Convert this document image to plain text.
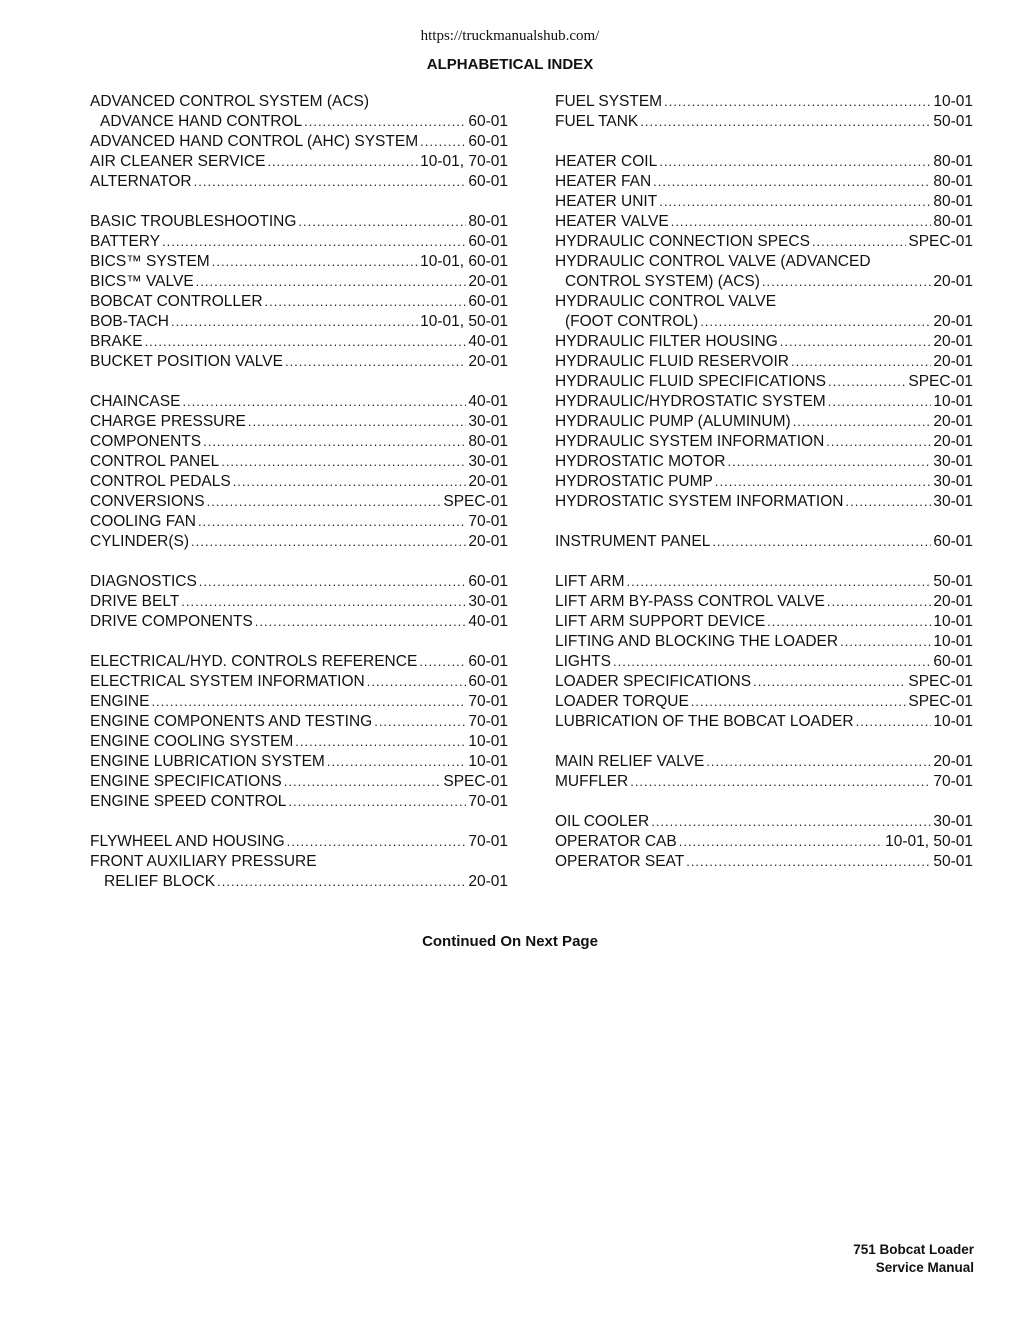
https://truckmanualshub.com/
ALPHABETICAL INDEX
ADVANCED CONTROL SYSTEM (ACS)
ADVANCE HAND CONTROL .....	60-01
ADVANCED HAND CONTROL (AHC) SYSTEM .....	60-01
AIR CLEANER SERVICE .....	10-01, 70-01
ALTERNATOR .....	60-01
BASIC TROUBLESHOOTING .....	80-01
BATTERY .....	60-01
BICS™ SYSTEM .....	10-01, 60-01
BICS™ VALVE .....	20-01
BOBCAT CONTROLLER .....	60-01
BOB-TACH .....	10-01, 50-01
BRAKE .....	40-01
BUCKET POSITION VALVE .....	20-01
CHAINCASE .....	40-01
CHARGE PRESSURE .....	30-01
COMPONENTS .....	80-01
CONTROL PANEL .....	30-01
CONTROL PEDALS .....	20-01
CONVERSIONS .....	SPEC-01
COOLING FAN .....	70-01
CYLINDER(S) .....	20-01
DIAGNOSTICS .....	60-01
DRIVE BELT .....	30-01
DRIVE COMPONENTS .....	40-01
ELECTRICAL/HYD. CONTROLS REFERENCE .....	60-01
ELECTRICAL SYSTEM INFORMATION .....	60-01
ENGINE .....	70-01
ENGINE COMPONENTS AND TESTING .....	70-01
ENGINE COOLING SYSTEM .....	10-01
ENGINE LUBRICATION SYSTEM .....	10-01
ENGINE SPECIFICATIONS .....	SPEC-01
ENGINE SPEED CONTROL .....	70-01
FLYWHEEL AND HOUSING .....	70-01
FRONT AUXILIARY PRESSURE
RELIEF BLOCK .....	20-01
FUEL SYSTEM .....	10-01
FUEL TANK .....	50-01
HEATER COIL .....	80-01
HEATER FAN .....	80-01
HEATER UNIT .....	80-01
HEATER VALVE .....	80-01
HYDRAULIC CONNECTION SPECS .....	SPEC-01
HYDRAULIC CONTROL VALVE (ADVANCED
CONTROL SYSTEM) (ACS) .....	20-01
HYDRAULIC CONTROL VALVE
(FOOT CONTROL) .....	20-01
HYDRAULIC FILTER HOUSING .....	20-01
HYDRAULIC FLUID RESERVOIR .....	20-01
HYDRAULIC FLUID SPECIFICATIONS .....	SPEC-01
HYDRAULIC/HYDROSTATIC SYSTEM .....	10-01
HYDRAULIC PUMP (ALUMINUM) .....	20-01
HYDRAULIC SYSTEM INFORMATION .....	20-01
HYDROSTATIC MOTOR .....	30-01
HYDROSTATIC PUMP .....	30-01
HYDROSTATIC SYSTEM INFORMATION .....	30-01
INSTRUMENT PANEL .....	60-01
LIFT ARM .....	50-01
LIFT ARM BY-PASS CONTROL VALVE .....	20-01
LIFT ARM SUPPORT DEVICE .....	10-01
LIFTING AND BLOCKING THE LOADER .....	10-01
LIGHTS .....	60-01
LOADER SPECIFICATIONS .....	SPEC-01
LOADER TORQUE .....	SPEC-01
LUBRICATION OF THE BOBCAT LOADER .....	10-01
MAIN RELIEF VALVE .....	20-01
MUFFLER .....	70-01
OIL COOLER .....	30-01
OPERATOR CAB .....	10-01, 50-01
OPERATOR SEAT .....	50-01
Continued On Next Page
751 Bobcat Loader
Service Manual
